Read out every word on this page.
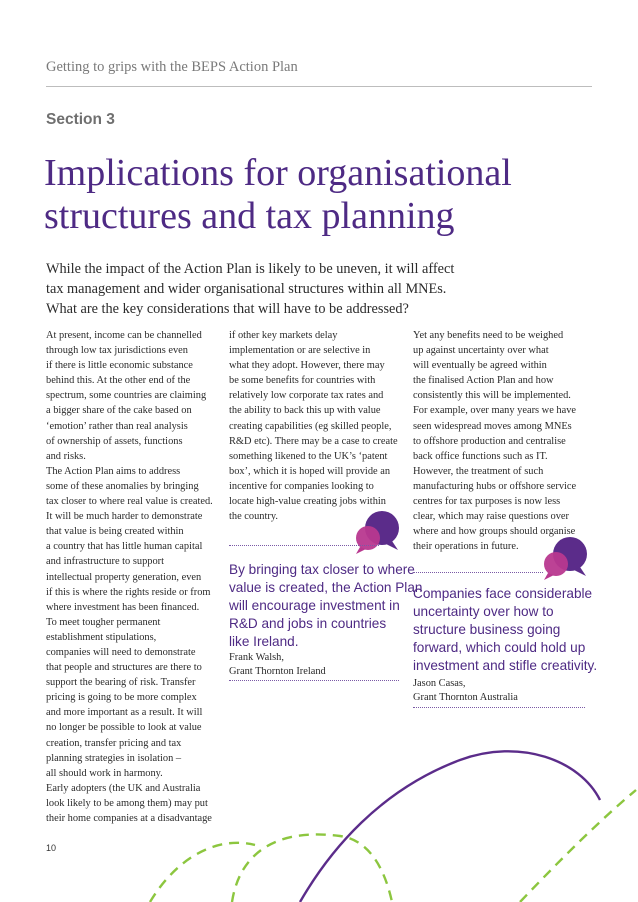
Getting to grips with the BEPS Action Plan
Section 3
Implications for organisational
structures and tax planning
While the impact of the Action Plan is likely to be uneven, it will affect
tax management and wider organisational structures within all MNEs.
What are the key considerations that will have to be addressed?
At present, income can be channelled
through low tax jurisdictions even
if there is little economic substance
behind this. At the other end of the
spectrum, some countries are claiming
a bigger share of the cake based on
‘emotion’ rather than real analysis
of ownership of assets, functions
and risks.
The Action Plan aims to address
some of these anomalies by bringing
tax closer to where real value is created.
It will be much harder to demonstrate
that value is being created within
a country that has little human capital
and infrastructure to support
intellectual property generation, even
if this is where the rights reside or from
where investment has been financed.
To meet tougher permanent
establishment stipulations,
companies will need to demonstrate
that people and structures are there to
support the bearing of risk. Transfer
pricing is going to be more complex
and more important as a result. It will
no longer be possible to look at value
creation, transfer pricing and tax
planning strategies in isolation –
all should work in harmony.
Early adopters (the UK and Australia
look likely to be among them) may put
their home companies at a disadvantage
if other key markets delay
implementation or are selective in
what they adopt. However, there may
be some benefits for countries with
relatively low corporate tax rates and
the ability to back this up with value
creating capabilities (eg skilled people,
R&D etc). There may be a case to create
something likened to the UK’s ‘patent
box’, which it is hoped will provide an
incentive for companies looking to
locate high-value creating jobs within
the country.
Yet any benefits need to be weighed
up against uncertainty over what
will eventually be agreed within
the finalised Action Plan and how
consistently this will be implemented.
For example, over many years we have
seen widespread moves among MNEs
to offshore production and centralise
back office functions such as IT.
However, the treatment of such
manufacturing hubs or offshore service
centres for tax purposes is now less
clear, which may raise questions over
where and how groups should organise
their operations in future.
By bringing tax closer to where
value is created, the Action Plan
will encourage investment in
R&D and jobs in countries
like Ireland.
Frank Walsh,
Grant Thornton Ireland
Companies face considerable
uncertainty over how to
structure business going
forward, which could hold up
investment and stifle creativity.
Jason Casas,
Grant Thornton Australia
10
